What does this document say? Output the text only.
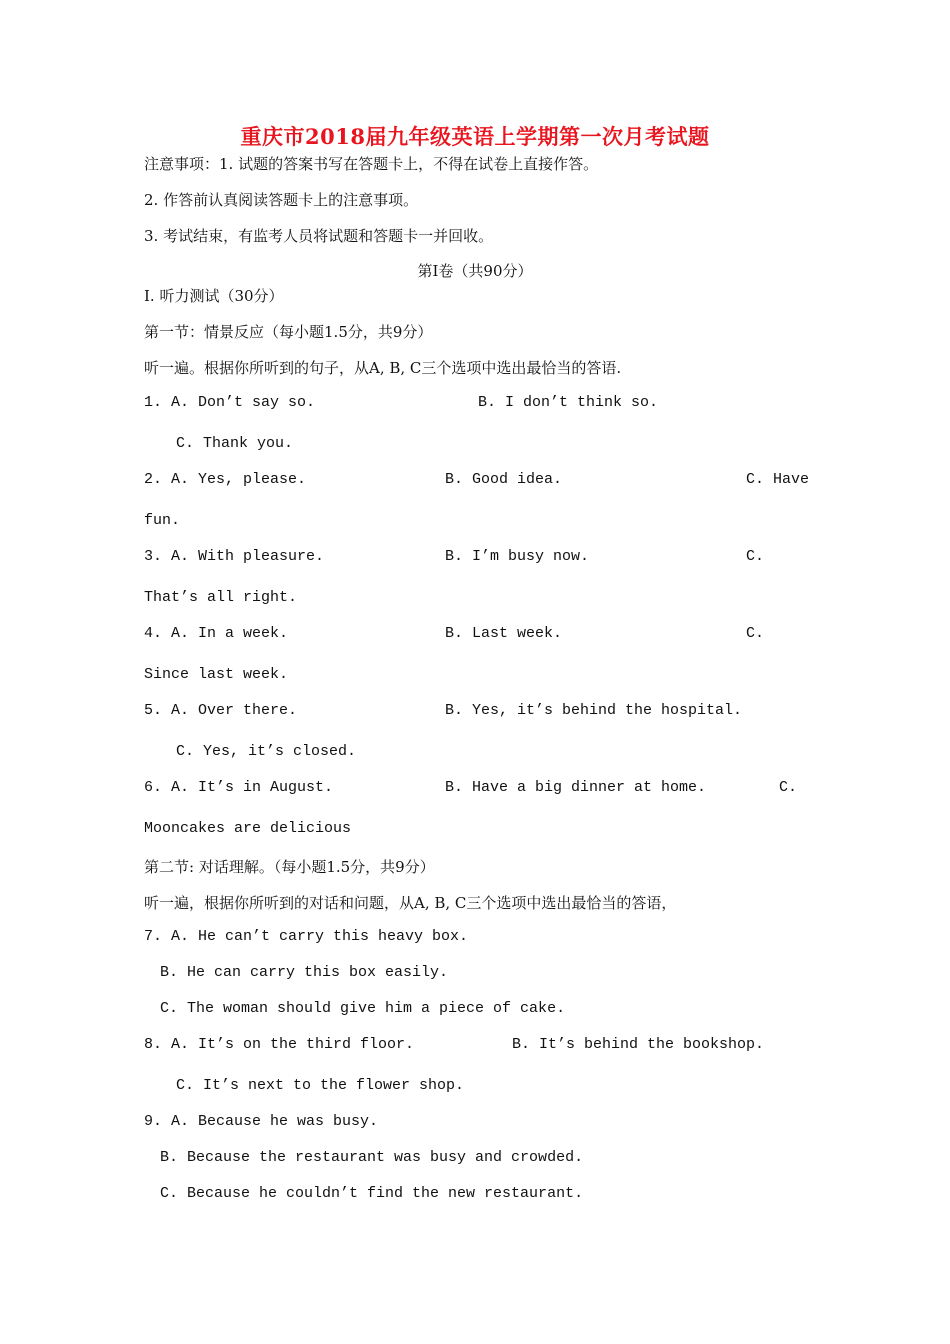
重庆市2018届九年级英语上学期第一次月考试题
注意事项：1. 试题的答案书写在答题卡上，不得在试卷上直接作答。
2. 作答前认真阅读答题卡上的注意事项。
3. 考试结束，有监考人员将试题和答题卡一并回收。
第Ⅰ卷（共90分）
I. 听力测试（30分）
第一节：情景反应（每小题1.5分，共9分）
听一遍。根据你所听到的句子，从A, B, C三个选项中选出最恰当的答语.
1. A. Don’t say so.	B. I don’t think so.
C. Thank you.
2. A. Yes, please.	B. Good idea.	C. Have
fun.
3. A. With pleasure.	B. I’m busy now.	C.
That’s all right.
4. A. In a week.	B. Last week.	C.
Since last week.
5. A. Over there.	B. Yes, it’s behind the hospital.
C. Yes, it’s closed.
6. A. It’s in August.	B. Have a big dinner at home.	C.
Mooncakes are delicious
第二节: 对话理解。（每小题1.5分，共9分）
听一遍，根据你所听到的对话和问题，从A, B, C三个选项中选出最恰当的答语，
7. A. He can’t carry this heavy box.
B. He can carry this box easily.
C. The woman should give him a piece of cake.
8. A. It’s on the third floor.	B. It’s behind the bookshop.
C. It’s next to the flower shop.
9. A. Because he was busy.
B. Because the restaurant was busy and crowded.
C. Because he couldn’t find the new restaurant.
